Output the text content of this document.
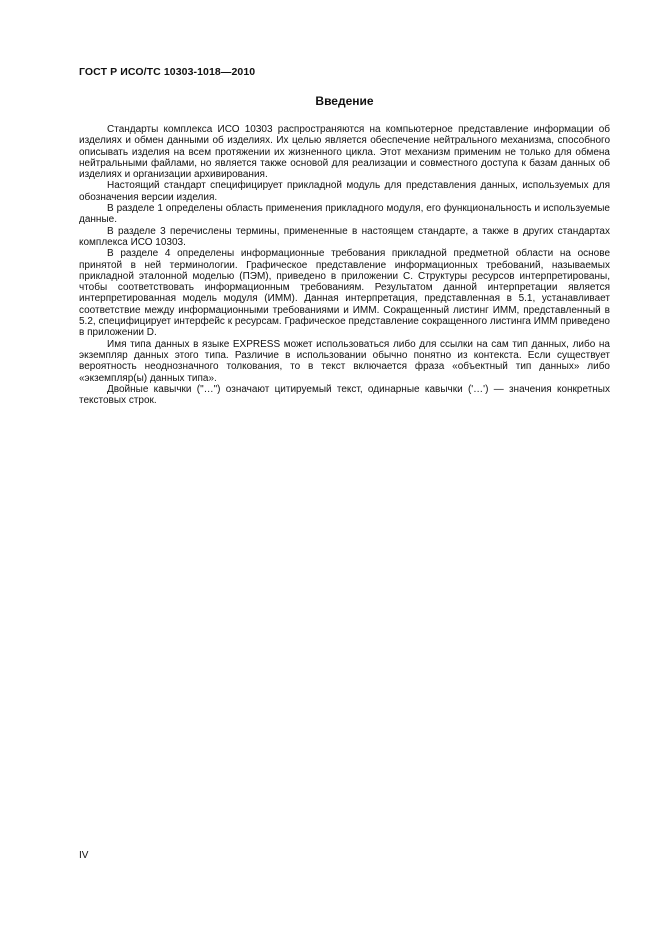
ГОСТ Р ИСО/ТС 10303-1018—2010
Введение

Стандарты комплекса ИСО 10303 распространяются на компьютерное представление информации об изделиях и обмен данными об изделиях. Их целью является обеспечение нейтрального механизма, способного описывать изделия на всем протяжении их жизненного цикла. Этот механизм применим не только для обмена нейтральными файлами, но является также основой для реализации и совместного доступа к базам данных об изделиях и организации архивирования.

Настоящий стандарт специфицирует прикладной модуль для представления данных, используемых для обозначения версии изделия.

В разделе 1 определены область применения прикладного модуля, его функциональность и используемые данные.

В разделе 3 перечислены термины, примененные в настоящем стандарте, а также в других стандартах комплекса ИСО 10303.

В разделе 4 определены информационные требования прикладной предметной области на основе принятой в ней терминологии. Графическое представление информационных требований, называемых прикладной эталонной моделью (ПЭМ), приведено в приложении С. Структуры ресурсов интерпретированы, чтобы соответствовать информационным требованиям. Результатом данной интерпретации является интерпретированная модель модуля (ИММ). Данная интерпретация, представленная в 5.1, устанавливает соответствие между информационными требованиями и ИММ. Сокращенный листинг ИММ, представленный в 5.2, специфицирует интерфейс к ресурсам. Графическое представление сокращенного листинга ИММ приведено в приложении D.

Имя типа данных в языке EXPRESS может использоваться либо для ссылки на сам тип данных, либо на экземпляр данных этого типа. Различие в использовании обычно понятно из контекста. Если существует вероятность неоднозначного толкования, то в текст включается фраза «объектный тип данных» либо «экземпляр(ы) данных типа».

Двойные кавычки ("…") означают цитируемый текст, одинарные кавычки ('…') — значения конкретных текстовых строк.

IV
